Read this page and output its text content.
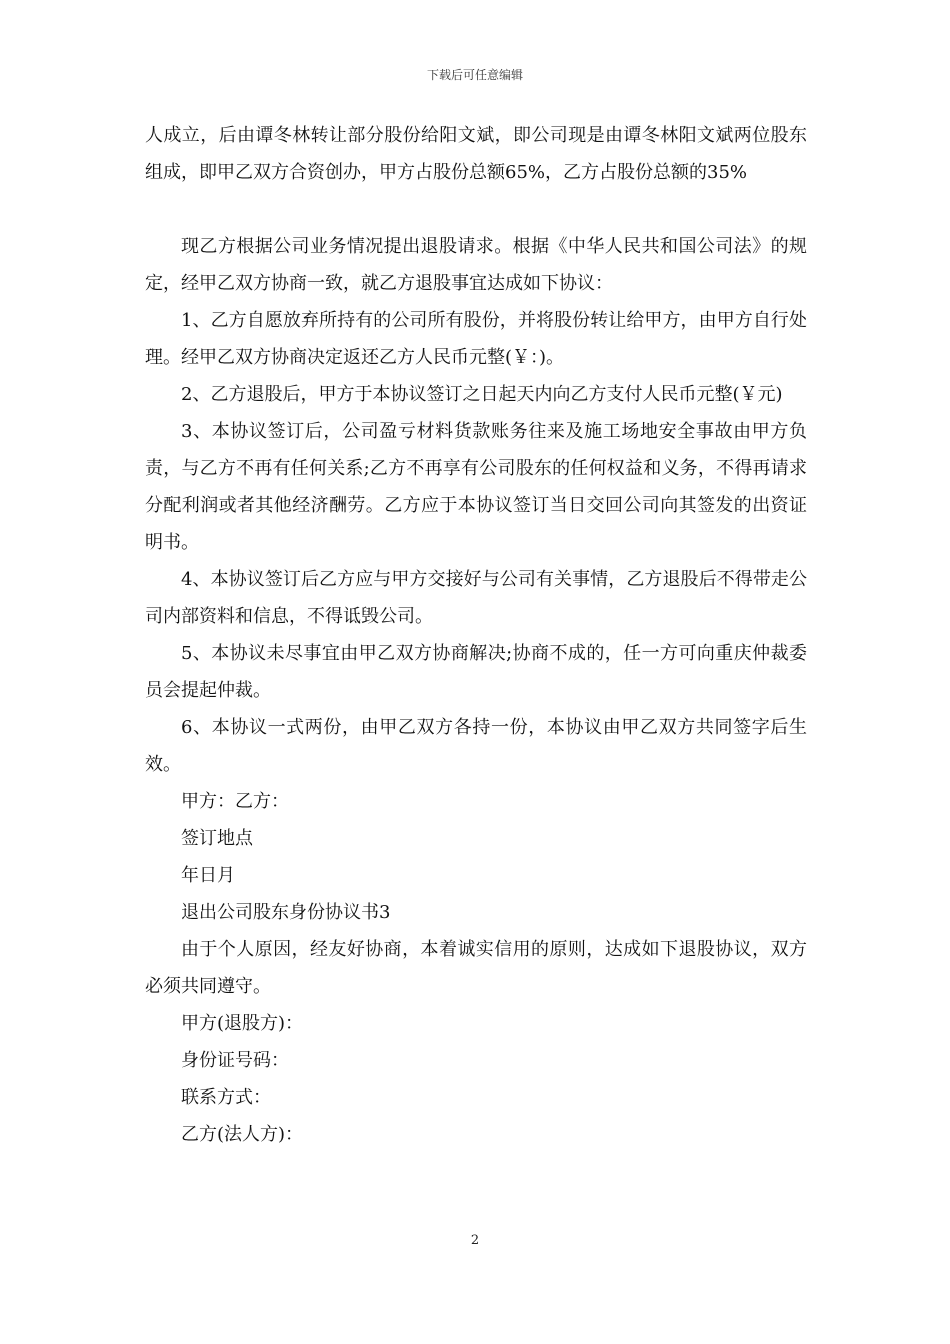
下载后可任意编辑

人成立，后由谭冬林转让部分股份给阳文斌，即公司现是由谭冬林阳文斌两位股东组成，即甲乙双方合资创办，甲方占股份总额65%，乙方占股份总额的35%

现乙方根据公司业务情况提出退股请求。根据《中华人民共和国公司法》的规定，经甲乙双方协商一致，就乙方退股事宜达成如下协议：

1、乙方自愿放弃所持有的公司所有股份，并将股份转让给甲方，由甲方自行处理。经甲乙双方协商决定返还乙方人民币元整(￥：)。

2、乙方退股后，甲方于本协议签订之日起天内向乙方支付人民币元整(￥元)

3、本协议签订后，公司盈亏材料货款账务往来及施工场地安全事故由甲方负责，与乙方不再有任何关系;乙方不再享有公司股东的任何权益和义务，不得再请求分配利润或者其他经济酬劳。乙方应于本协议签订当日交回公司向其签发的出资证明书。

4、本协议签订后乙方应与甲方交接好与公司有关事情，乙方退股后不得带走公司内部资料和信息，不得诋毁公司。

5、本协议未尽事宜由甲乙双方协商解决;协商不成的，任一方可向重庆仲裁委员会提起仲裁。

6、本协议一式两份，由甲乙双方各持一份，本协议由甲乙双方共同签字后生效。

甲方：乙方：

签订地点

年日月

退出公司股东身份协议书3

由于个人原因，经友好协商，本着诚实信用的原则，达成如下退股协议，双方必须共同遵守。

甲方(退股方)：

身份证号码：

联系方式：

乙方(法人方)：

2
